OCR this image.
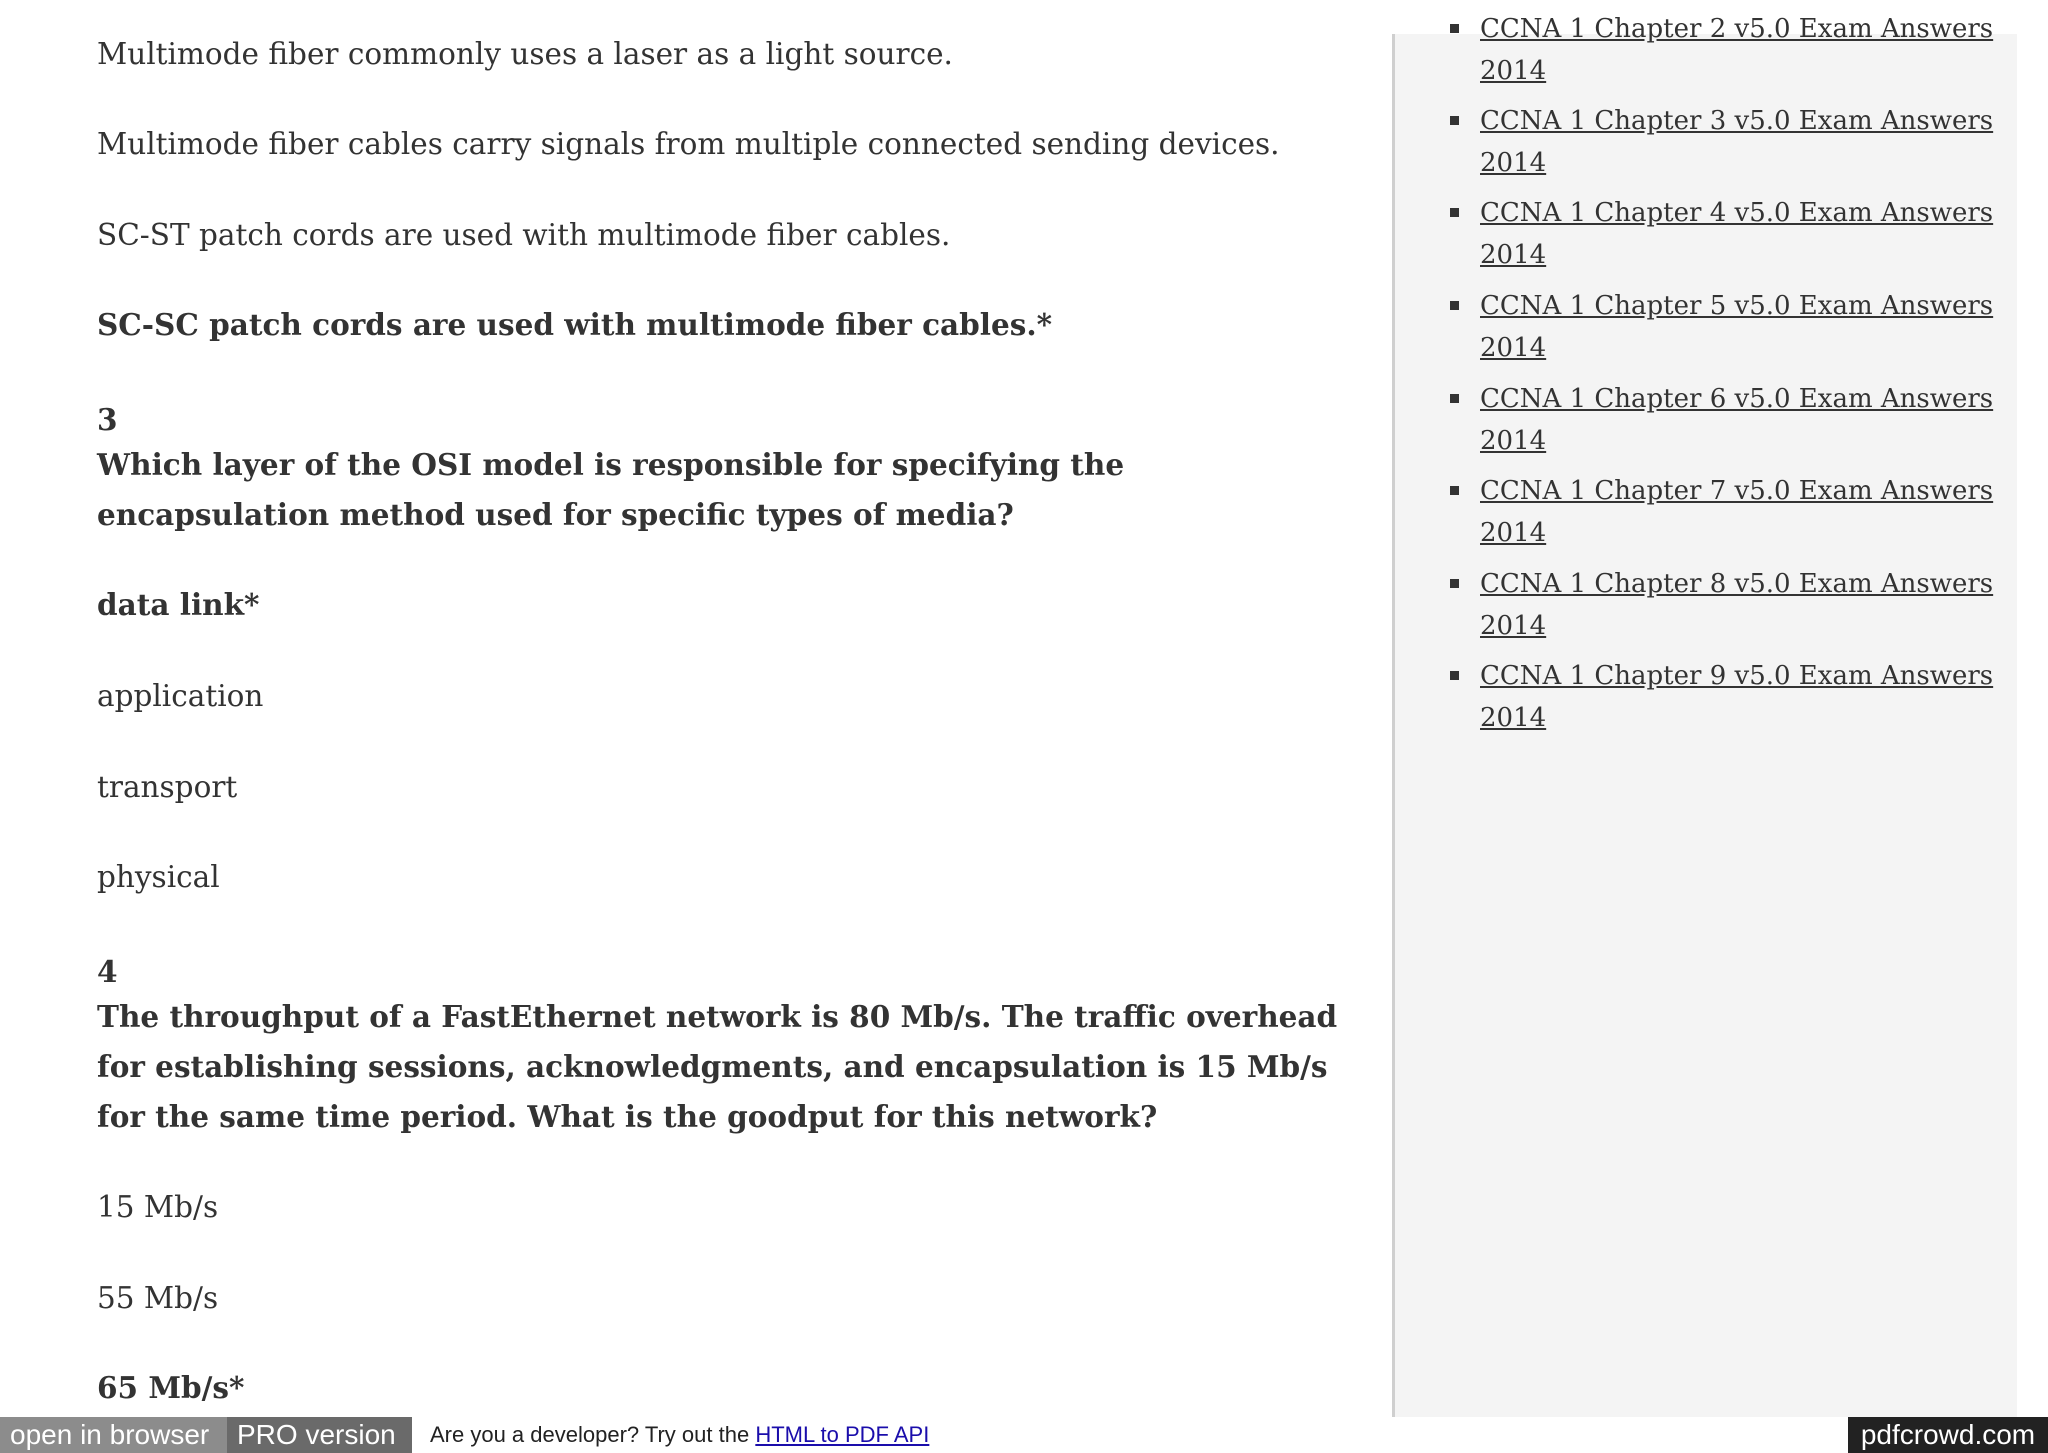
Multimode fiber commonly uses a laser as a light source.

Multimode fiber cables carry signals from multiple connected sending devices.

SC-ST patch cords are used with multimode fiber cables.

SC-SC patch cords are used with multimode fiber cables.*

3

Which layer of the OSI model is responsible for specifying the encapsulation method used for specific types of media?

data link*

application

transport

physical

4

The throughput of a FastEthernet network is 80 Mb/s. The traffic overhead for establishing sessions, acknowledgments, and encapsulation is 15 Mb/s for the same time period. What is the goodput for this network?

15 Mb/s

55 Mb/s

65 Mb/s*

CCNA 1 Chapter 2 v5.0 Exam Answers 2014
CCNA 1 Chapter 3 v5.0 Exam Answers 2014
CCNA 1 Chapter 4 v5.0 Exam Answers 2014
CCNA 1 Chapter 5 v5.0 Exam Answers 2014
CCNA 1 Chapter 6 v5.0 Exam Answers 2014
CCNA 1 Chapter 7 v5.0 Exam Answers 2014
CCNA 1 Chapter 8 v5.0 Exam Answers 2014
CCNA 1 Chapter 9 v5.0 Exam Answers 2014
open in browser PRO version	Are you a developer? Try out the HTML to PDF API	pdfcrowd.com
